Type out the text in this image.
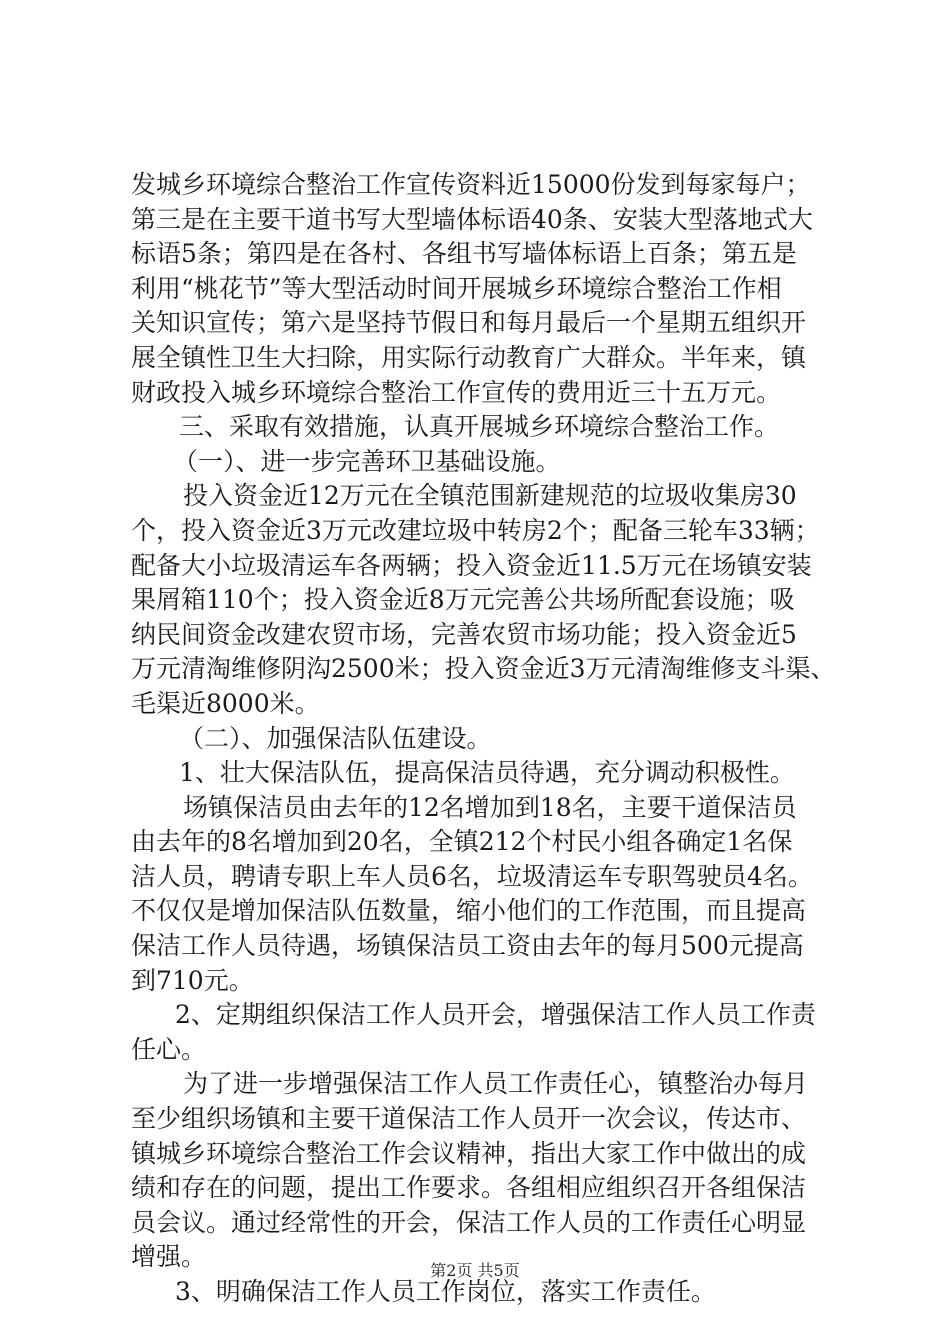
发城乡环境综合整治工作宣传资料近15000份发到每家每户；
第三是在主要干道书写大型墙体标语40条、安装大型落地式大
标语5条；第四是在各村、各组书写墙体标语上百条；第五是
利用“桃花节”等大型活动时间开展城乡环境综合整治工作相
关知识宣传；第六是坚持节假日和每月最后一个星期五组织开
展全镇性卫生大扫除，用实际行动教育广大群众。半年来，镇
财政投入城乡环境综合整治工作宣传的费用近三十五万元。
三、采取有效措施，认真开展城乡环境综合整治工作。
（一）、进一步完善环卫基础设施。
投入资金近12万元在全镇范围新建规范的垃圾收集房30
个，投入资金近3万元改建垃圾中转房2个；配备三轮车33辆；
配备大小垃圾清运车各两辆；投入资金近11.5万元在场镇安装
果屑箱110个；投入资金近8万元完善公共场所配套设施；吸
纳民间资金改建农贸市场，完善农贸市场功能；投入资金近5
万元清淘维修阴沟2500米；投入资金近3万元清淘维修支斗渠、
毛渠近8000米。
（二）、加强保洁队伍建设。
1、壮大保洁队伍，提高保洁员待遇，充分调动积极性。
场镇保洁员由去年的12名增加到18名，主要干道保洁员
由去年的8名增加到20名，全镇212个村民小组各确定1名保
洁人员，聘请专职上车人员6名，垃圾清运车专职驾驶员4名。
不仅仅是增加保洁队伍数量，缩小他们的工作范围，而且提高
保洁工作人员待遇，场镇保洁员工资由去年的每月500元提高
到710元。
2、定期组织保洁工作人员开会，增强保洁工作人员工作责
任心。
为了进一步增强保洁工作人员工作责任心，镇整治办每月
至少组织场镇和主要干道保洁工作人员开一次会议，传达市、
镇城乡环境综合整治工作会议精神，指出大家工作中做出的成
绩和存在的问题，提出工作要求。各组相应组织召开各组保洁
员会议。通过经常性的开会，保洁工作人员的工作责任心明显
增强。
3、明确保洁工作人员工作岗位，落实工作责任。
第2页 共5页
